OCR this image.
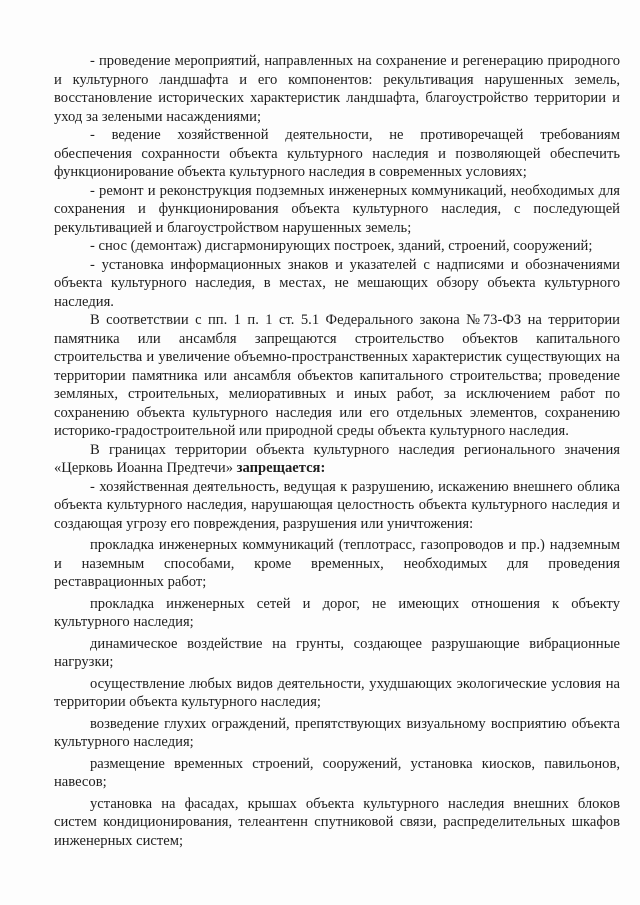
- проведение мероприятий, направленных на сохранение и регенерацию природного и культурного ландшафта и его компонентов: рекультивация нарушенных земель, восстановление исторических характеристик ландшафта, благоустройство территории и уход за зелеными насаждениями;

- ведение хозяйственной деятельности, не противоречащей требованиям обеспечения сохранности объекта культурного наследия и позволяющей обеспечить функционирование объекта культурного наследия в современных условиях;

- ремонт и реконструкция подземных инженерных коммуникаций, необходимых для сохранения и функционирования объекта культурного наследия, с последующей рекультивацией и благоустройством нарушенных земель;

- снос (демонтаж) дисгармонирующих построек, зданий, строений, сооружений;

- установка информационных знаков и указателей с надписями и обозначениями объекта культурного наследия, в местах, не мешающих обзору объекта культурного наследия.

В соответствии с пп. 1 п. 1 ст. 5.1 Федерального закона №73-ФЗ на территории памятника или ансамбля запрещаются строительство объектов капитального строительства и увеличение объемно-пространственных характеристик существующих на территории памятника или ансамбля объектов капитального строительства; проведение земляных, строительных, мелиоративных и иных работ, за исключением работ по сохранению объекта культурного наследия или его отдельных элементов, сохранению историко-градостроительной или природной среды объекта культурного наследия.

В границах территории объекта культурного наследия регионального значения «Церковь Иоанна Предтечи» запрещается:

- хозяйственная деятельность, ведущая к разрушению, искажению внешнего облика объекта культурного наследия, нарушающая целостность объекта культурного наследия и создающая угрозу его повреждения, разрушения или уничтожения:

прокладка инженерных коммуникаций (теплотрасс, газопроводов и пр.) надземным и наземным способами, кроме временных, необходимых для проведения реставрационных работ;

прокладка инженерных сетей и дорог, не имеющих отношения к объекту культурного наследия;

динамическое воздействие на грунты, создающее разрушающие вибрационные нагрузки;

осуществление любых видов деятельности, ухудшающих экологические условия на территории объекта культурного наследия;

возведение глухих ограждений, препятствующих визуальному восприятию объекта культурного наследия;

размещение временных строений, сооружений, установка киосков, павильонов, навесов;

установка на фасадах, крышах объекта культурного наследия внешних блоков систем кондиционирования, телеантенн спутниковой связи, распределительных шкафов инженерных систем;
